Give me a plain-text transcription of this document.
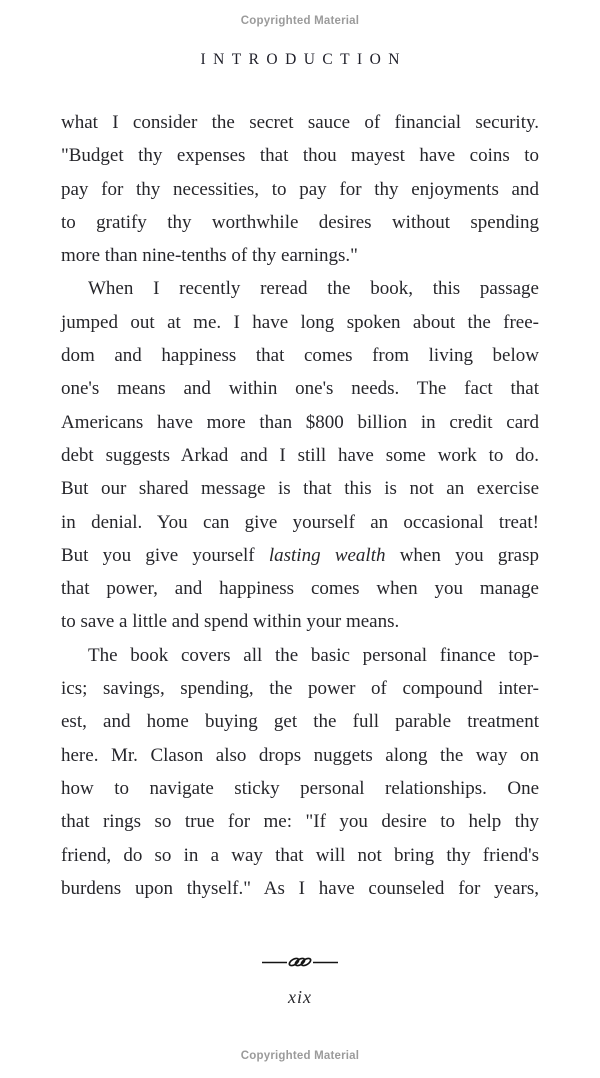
Copyrighted Material
INTRODUCTION
what I consider the secret sauce of financial security.
"Budget thy expenses that thou mayest have coins to
pay for thy necessities, to pay for thy enjoyments and
to gratify thy worthwhile desires without spending
more than nine-tenths of thy earnings."
When I recently reread the book, this passage
jumped out at me. I have long spoken about the free-
dom and happiness that comes from living below
one's means and within one's needs. The fact that
Americans have more than $800 billion in credit card
debt suggests Arkad and I still have some work to do.
But our shared message is that this is not an exercise
in denial. You can give yourself an occasional treat!
But you give yourself lasting wealth when you grasp
that power, and happiness comes when you manage
to save a little and spend within your means.
The book covers all the basic personal finance top-
ics; savings, spending, the power of compound inter-
est, and home buying get the full parable treatment
here. Mr. Clason also drops nuggets along the way on
how to navigate sticky personal relationships. One
that rings so true for me: "If you desire to help thy
friend, do so in a way that will not bring thy friend's
burdens upon thyself." As I have counseled for years,
xix
Copyrighted Material
